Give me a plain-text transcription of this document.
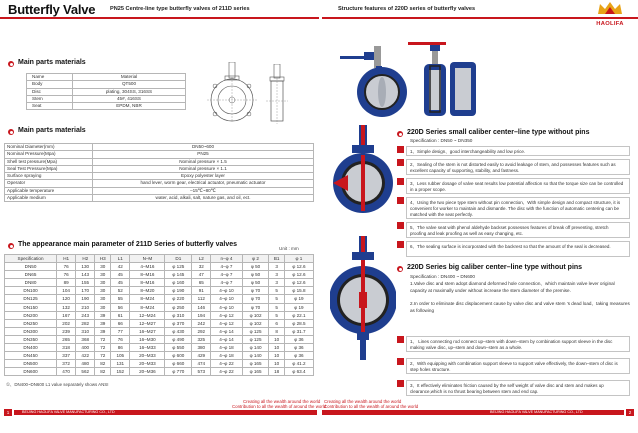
Butterfly Valve	PN25 Centre-line type butterfly valves of 211D series	Structure features of 220D series of butterfly valves
HAOLIFA
Main parts materials
Name	Material
Body	QT500
Disc	plating, 304SS, 316SS
Stem	45#, 416SS
Seat	EPDM, NBR
Main parts materials
Nominal Diameter(mm)	DN50~600
Nominal Pressure(Mpa)	PN25
Shell test pressure(Mpa)	Nominal pressure × 1.5
Seal Test Pressure(Mpa)	Nominal pressure × 1.1
Surface spraying	Epoxy polyester layer
Operator	hand lever, worm gear, electrical actuator, pneumatic actuator
Applicable temperature	–15℃~80℃
Applicable medium	water, acid, alkali, salt, nature gas, and oil, ect.
The appearance main parameter of 211D Series of butterfly valves
Unit : mm
Specification	H1	H2	H3	L1	N–M	D1	L2	n–φ 4	φ 2	B1	φ 1
DN50	76	130	30	42	4–M16	φ 125	32	4–φ 7	φ 50	3	φ 12.6
DN65	76	143	30	45	8–M16	φ 145	47	4–φ 7	φ 50	3	φ 12.6
DN80	89	155	30	45	8–M16	φ 160	65	4–φ 7	φ 50	3	φ 12.6
DN100	104	170	30	52	8–M20	φ 190	91	4–φ 10	φ 70	5	φ 15.8
DN125	120	190	30	55	8–M24	φ 220	112	4–φ 10	φ 70	5	φ 19
DN150	132	210	30	56	8–M24	φ 250	146	4–φ 10	φ 70	5	φ 19
DN200	167	243	39	61	12–M24	φ 310	194	4–φ 12	φ 102	5	φ 22.1
DN250	202	282	39	66	12–M27	φ 370	242	4–φ 12	φ 102	6	φ 28.5
DN300	239	310	39	77	16–M27	φ 430	292	4–φ 14	φ 125	8	φ 31.7
DN350	265	368	72	76	16–M30	φ 490	325	4–φ 14	φ 125	10	φ 36
DN400	318	400	72	86	16–M33	φ 550	380	4–φ 18	φ 140	10	φ 36
DN450	337	422	72	105	20–M33	φ 600	429	4–φ 18	φ 140	10	φ 36
DN500	372	480	82	131	20–M33	φ 660	474	4–φ 22	φ 165	10	φ 41.2
DN600	470	562	82	152	20–M36	φ 770	573	4–φ 22	φ 165	18	φ 63.4
①、DN400~DN600 L1 value separately shows ANSI
220D Series small caliber center–line type without pins
Specification : DN50 ~ DN350
1、Simple design、good interchangeability and low price.
2、Sealing of the stem is not distorted easily to avoid leakage of stem, and possesses features such as excellent capacity of supporting, stability, and fastness.
3、Less rubber dosage of valve seat results low potential affection so that the torque size can be controlled in a proper scope.
4、Using the two piece type stem without pin connection、With simple design and compact structure, it is convenient for worker to maintain and dismantle. The disc with the function of automatic centering can be matched with the seat perfectly.
5、The valve seat with phenol aldehyde backset possesses features of break off preventing, stretch proofing and leak proofing as well as easy changing, etc.
6、The sealing surface is incorporated with the backrest so that the amount of the seal is decreased.
220D Series big caliber center–line type without pins
Specification : DN400 ~ DN600
1.Valve disc and stem adopt diamond deformed hole connection、which maintain valve lever original capacity at maximally under without increase the stem diameter of the premise.
2.In order to eliminate disc displacement cause by valve disc and valve stem ’s dead load、taking measures as following
1、 Lines connecting rod connect up–stem with down–stem by combination support sleeve in the disc making valve disc, up–stem and down–stem as a whole.
2、With equipping with combination support sleeve to support valve effectively, the down–stem of disc is step holes structure.
3、It effectively eliminates friction caused by the self weight of valve disc and stem and makes up clearance,which is no thrust bearing between stem and end cap.
Creating all the wealth around the world
Contribution to all the wealth of around the world
Creating all the wealth around the world
Contribution to all the wealth of around the world
1	2
BEIJING HAOLIFA VALVE MANUFACTURING CO., LTD	BEIJING HAOLIFA VALVE MANUFACTURING CO., LTD
